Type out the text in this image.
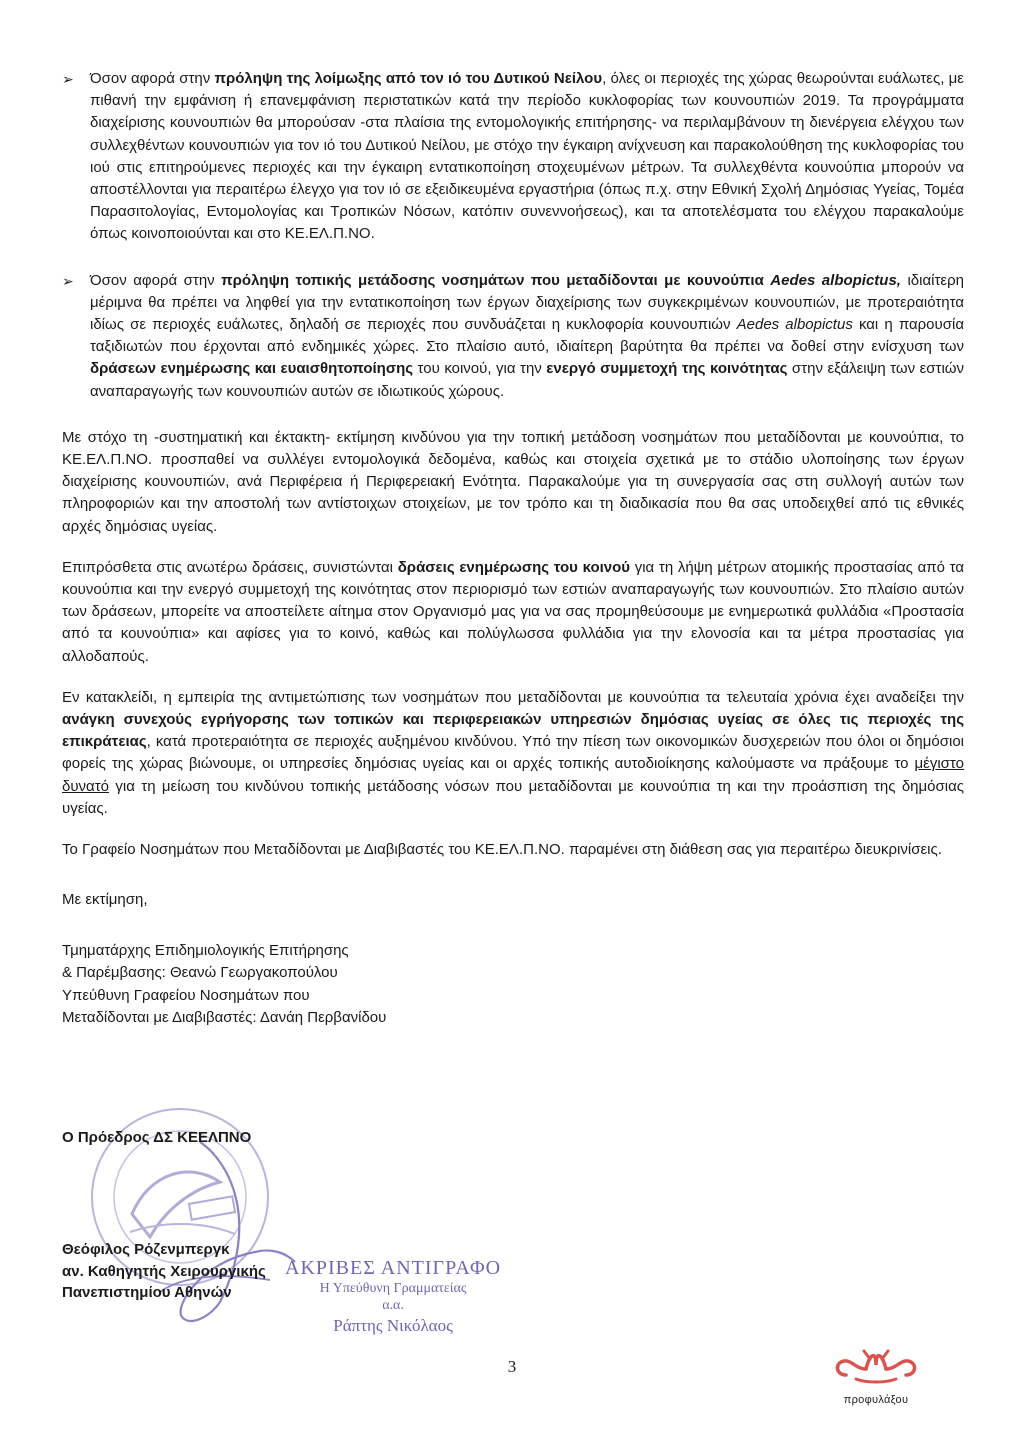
➢ Όσον αφορά στην πρόληψη της λοίμωξης από τον ιό του Δυτικού Νείλου, όλες οι περιοχές της χώρας θεωρούνται ευάλωτες, με πιθανή την εμφάνιση ή επανεμφάνιση περιστατικών κατά την περίοδο κυκλοφορίας των κουνουπιών 2019. Τα προγράμματα διαχείρισης κουνουπιών θα μπορούσαν -στα πλαίσια της εντομολογικής επιτήρησης- να περιλαμβάνουν τη διενέργεια ελέγχου των συλλεχθέντων κουνουπιών για τον ιό του Δυτικού Νείλου, με στόχο την έγκαιρη ανίχνευση και παρακολούθηση της κυκλοφορίας του ιού στις επιτηρούμενες περιοχές και την έγκαιρη εντατικοποίηση στοχευμένων μέτρων. Τα συλλεχθέντα κουνούπια μπορούν να αποστέλλονται για περαιτέρω έλεγχο για τον ιό σε εξειδικευμένα εργαστήρια (όπως π.χ. στην Εθνική Σχολή Δημόσιας Υγείας, Τομέα Παρασιτολογίας, Εντομολογίας και Τροπικών Νόσων, κατόπιν συνεννοήσεως), και τα αποτελέσματα του ελέγχου παρακαλούμε όπως κοινοποιούνται και στο ΚΕ.ΕΛ.Π.ΝΟ.

➢ Όσον αφορά στην πρόληψη τοπικής μετάδοσης νοσημάτων που μεταδίδονται με κουνούπια Aedes albopictus, ιδιαίτερη μέριμνα θα πρέπει να ληφθεί για την εντατικοποίηση των έργων διαχείρισης των συγκεκριμένων κουνουπιών, με προτεραιότητα ιδίως σε περιοχές ευάλωτες, δηλαδή σε περιοχές που συνδυάζεται η κυκλοφορία κουνουπιών Aedes albopictus και η παρουσία ταξιδιωτών που έρχονται από ενδημικές χώρες. Στο πλαίσιο αυτό, ιδιαίτερη βαρύτητα θα πρέπει να δοθεί στην ενίσχυση των δράσεων ενημέρωσης και ευαισθητοποίησης του κοινού, για την ενεργό συμμετοχή της κοινότητας στην εξάλειψη των εστιών αναπαραγωγής των κουνουπιών αυτών σε ιδιωτικούς χώρους.

Με στόχο τη -συστηματική και έκτακτη- εκτίμηση κινδύνου για την τοπική μετάδοση νοσημάτων που μεταδίδονται με κουνούπια, το ΚΕ.ΕΛ.Π.ΝΟ. προσπαθεί να συλλέγει εντομολογικά δεδομένα, καθώς και στοιχεία σχετικά με το στάδιο υλοποίησης των έργων διαχείρισης κουνουπιών, ανά Περιφέρεια ή Περιφερειακή Ενότητα. Παρακαλούμε για τη συνεργασία σας στη συλλογή αυτών των πληροφοριών και την αποστολή των αντίστοιχων στοιχείων, με τον τρόπο και τη διαδικασία που θα σας υποδειχθεί από τις εθνικές αρχές δημόσιας υγείας.

Επιπρόσθετα στις ανωτέρω δράσεις, συνιστώνται δράσεις ενημέρωσης του κοινού για τη λήψη μέτρων ατομικής προστασίας από τα κουνούπια και την ενεργό συμμετοχή της κοινότητας στον περιορισμό των εστιών αναπαραγωγής των κουνουπιών. Στο πλαίσιο αυτών των δράσεων, μπορείτε να αποστείλετε αίτημα στον Οργανισμό μας για να σας προμηθεύσουμε με ενημερωτικά φυλλάδια «Προστασία από τα κουνούπια» και αφίσες για το κοινό, καθώς και πολύγλωσσα φυλλάδια για την ελονοσία και τα μέτρα προστασίας για αλλοδαπούς.

Εν κατακλείδι, η εμπειρία της αντιμετώπισης των νοσημάτων που μεταδίδονται με κουνούπια τα τελευταία χρόνια έχει αναδείξει την ανάγκη συνεχούς εγρήγορσης των τοπικών και περιφερειακών υπηρεσιών δημόσιας υγείας σε όλες τις περιοχές της επικράτειας, κατά προτεραιότητα σε περιοχές αυξημένου κινδύνου. Υπό την πίεση των οικονομικών δυσχερειών που όλοι οι δημόσιοι φορείς της χώρας βιώνουμε, οι υπηρεσίες δημόσιας υγείας και οι αρχές τοπικής αυτοδιοίκησης καλούμαστε να πράξουμε το μέγιστο δυνατό για τη μείωση του κινδύνου τοπικής μετάδοσης νόσων που μεταδίδονται με κουνούπια τη και την προάσπιση της δημόσιας υγείας.

Το Γραφείο Νοσημάτων που Μεταδίδονται με Διαβιβαστές του ΚΕ.ΕΛ.Π.ΝΟ. παραμένει στη διάθεση σας για περαιτέρω διευκρινίσεις.

Με εκτίμηση,
Τμηματάρχης Επιδημιολογικής Επιτήρησης
& Παρέμβασης: Θεανώ Γεωργακοπούλου
Υπεύθυνη Γραφείου Νοσημάτων που
Μεταδίδονται με Διαβιβαστές: Δανάη Περβανίδου
Ο Πρόεδρος ΔΣ ΚΕΕΛΠΝΟ
Θεόφιλος Ρόζενμπεργκ
αν. Καθηγητής Χειρουργικής
Πανεπιστημίου Αθηνών
ΑΚΡΙΒΕΣ ΑΝΤΙΓΡΑΦΟ
Η Υπεύθυνη Γραμματείας
α.α.
Ράπτης Νικόλαος
3
προφυλάξου
